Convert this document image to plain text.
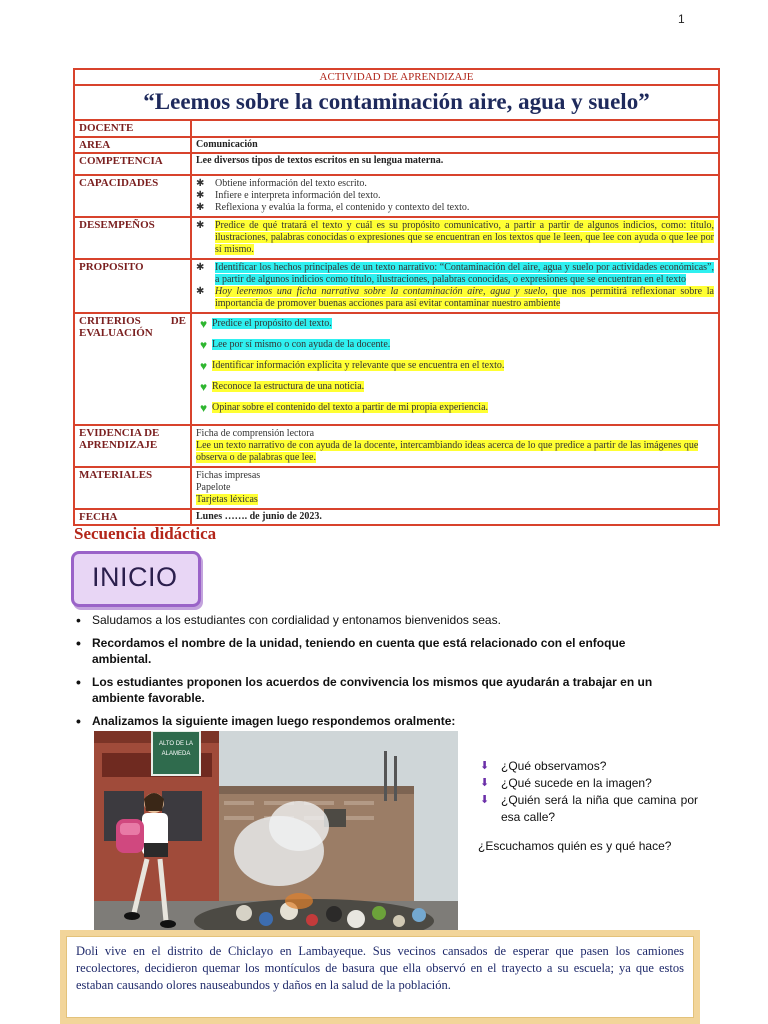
1
ACTIVIDAD DE APRENDIZAJE
“Leemos sobre la contaminación aire, agua y suelo”
DOCENTE
AREA	Comunicación
COMPETENCIA	Lee diversos tipos de textos escritos en su lengua materna.
CAPACIDADES	✱ Obtiene información del texto escrito.
✱ Infiere e interpreta información del texto.
✱ Reflexiona y evalúa la forma, el contenido y contexto del texto.
DESEMPEÑOS	✱ Predice de qué tratará el texto y cuál es su propósito comunicativo, a partir a partir de algunos indicios, como: título, ilustraciones, palabras conocidas o expresiones que se encuentran en los textos que le leen, que lee con ayuda o que lee por sí mismo.
PROPOSITO	✱ Identificar los hechos principales de un texto narrativo: “Contaminación del aire, agua y suelo por actividades económicas”, a partir de algunos indicios como título, ilustraciones, palabras conocidas, o expresiones que se encuentran en el texto
✱ Hoy leeremos una ficha narrativa sobre la contaminación aire, agua y suelo, que nos permitirá reflexionar sobre la importancia de promover buenas acciones para así evitar contaminar nuestro ambiente
CRITERIOS DE EVALUACIÓN
♥ Predice el propósito del texto.
♥ Lee por sí mismo o con ayuda de la docente.
♥ Identificar información explícita y relevante que se encuentra en el texto.
♥ Reconoce la estructura de una noticia.
♥ Opinar sobre el contenido del texto a partir de mi propia experiencia.
EVIDENCIA DE APRENDIZAJE
Ficha de comprensión lectora
Lee un texto narrativo de con ayuda de la docente, intercambiando ideas acerca de lo que predice a partir de las imágenes que observa o de palabras que lee.
MATERIALES	Fichas impresas
Papelote
Tarjetas léxicas
FECHA	Lunes ……. de junio de 2023.
Secuencia didáctica
INICIO
• Saludamos a los estudiantes con cordialidad y entonamos bienvenidos seas.
• Recordamos el nombre de la unidad, teniendo en cuenta que está relacionado con el enfoque ambiental.
• Los estudiantes proponen los acuerdos de convivencia los mismos que ayudarán a trabajar en un ambiente favorable.
• Analizamos la siguiente imagen luego respondemos oralmente:
ALTO DE LA
ALAMEDA
⬇ ¿Qué observamos?
⬇ ¿Qué sucede en la imagen?
⬇ ¿Quién será la niña que camina por esa calle?
¿Escuchamos quién es y qué hace?
Doli vive en el distrito de Chiclayo en Lambayeque. Sus vecinos cansados de esperar que pasen los camiones recolectores, decidieron quemar los montículos de basura que ella observó en el trayecto a su escuela; ya que estos estaban causando olores nauseabundos y daños en la salud de la población.
